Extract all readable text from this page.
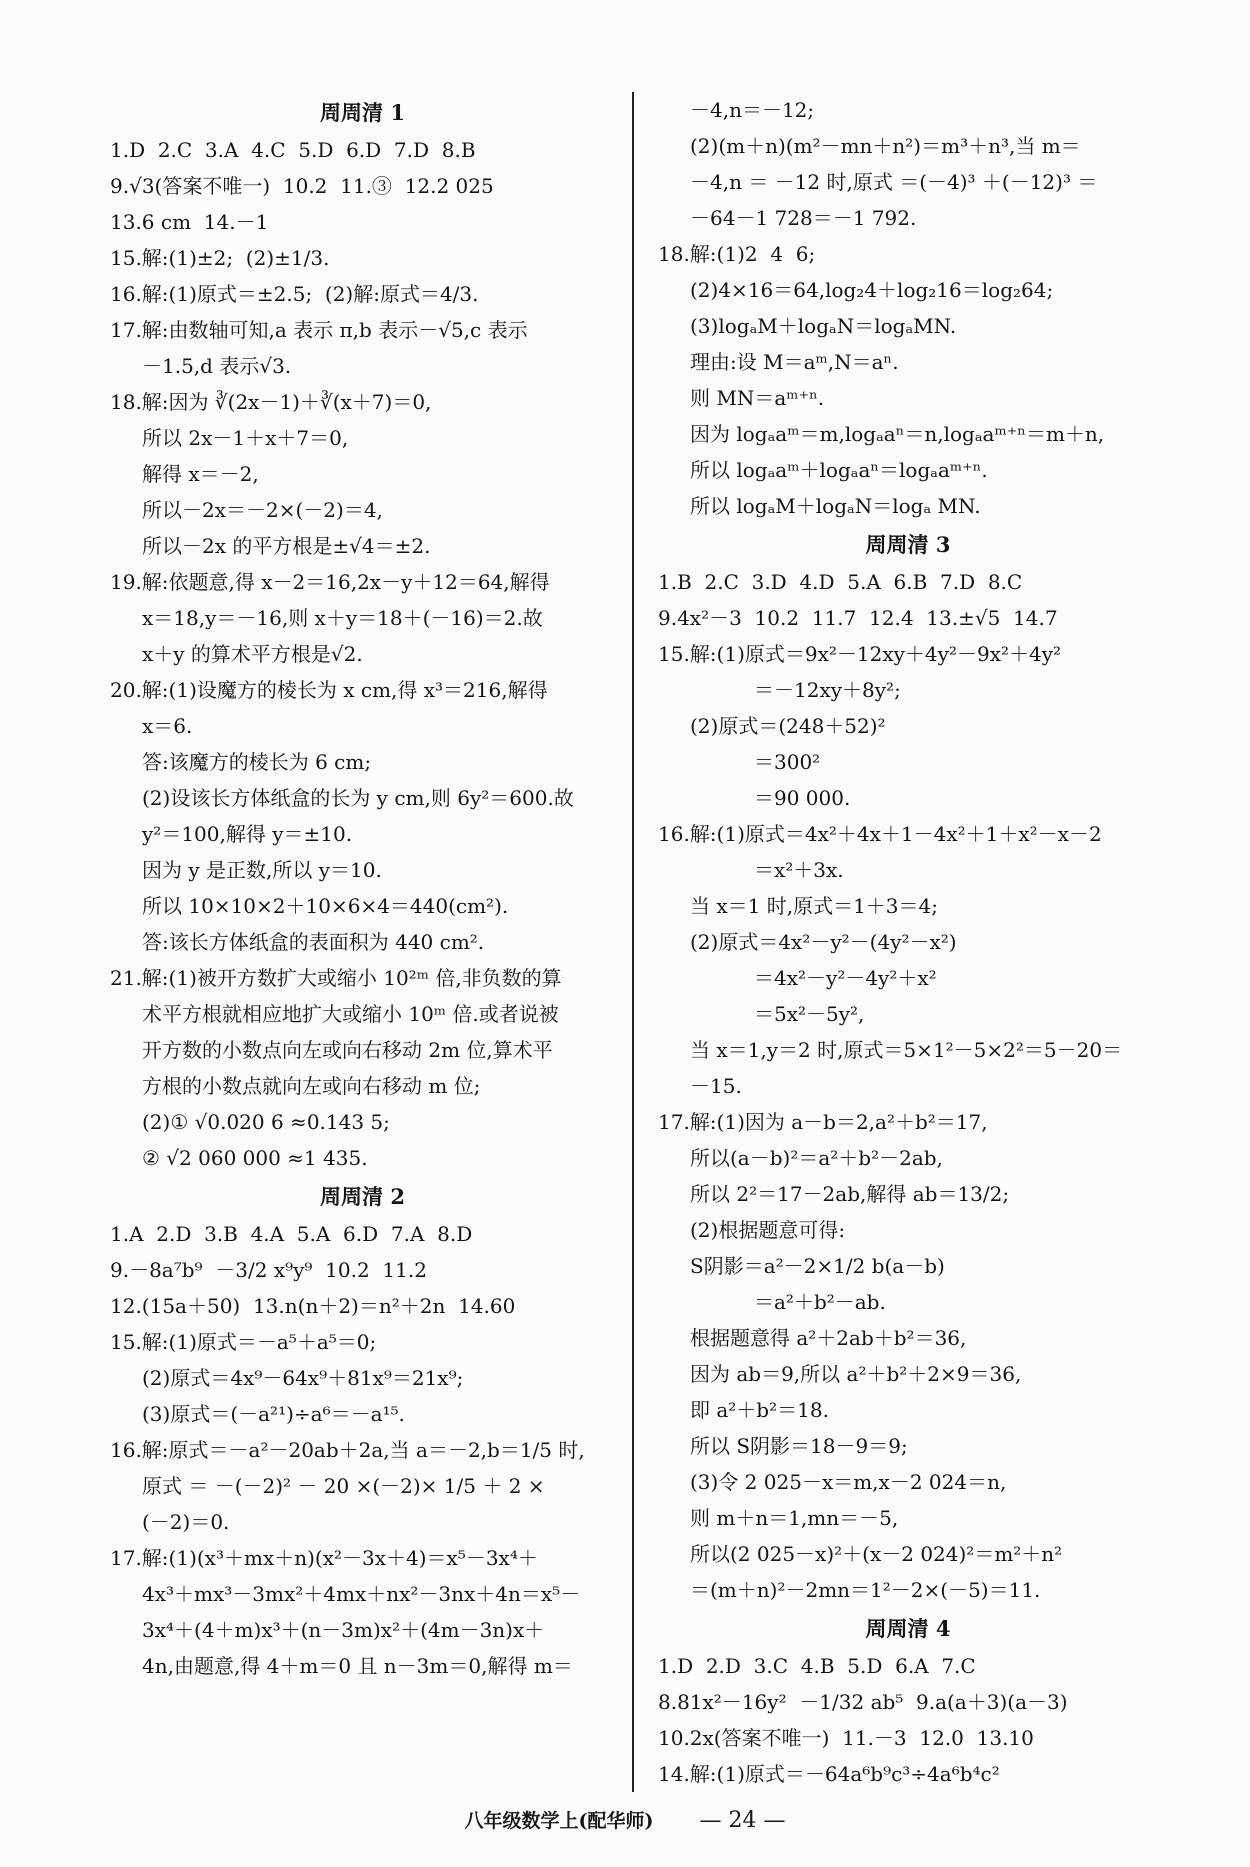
周周清 1
1.D  2.C  3.A  4.C  5.D  6.D  7.D  8.B
9.√3(答案不唯一)  10.2  11.③  12.2 025
13.6 cm  14.－1
15.解:(1)±2;  (2)±1/3.
16.解:(1)原式＝±2.5;  (2)解:原式＝4/3.
17.解:由数轴可知,a 表示 π,b 表示－√5,c 表示
－1.5,d 表示√3.
18.解:因为 ∛(2x－1)＋∛(x＋7)＝0,
所以 2x－1＋x＋7＝0,
解得 x＝－2,
所以－2x＝－2×(－2)＝4,
所以－2x 的平方根是±√4＝±2.
19.解:依题意,得 x－2＝16,2x－y＋12＝64,解得
x＝18,y＝－16,则 x＋y＝18＋(－16)＝2.故
x＋y 的算术平方根是√2.
20.解:(1)设魔方的棱长为 x cm,得 x³＝216,解得
x＝6.
答:该魔方的棱长为 6 cm;
(2)设该长方体纸盒的长为 y cm,则 6y²＝600.故
y²＝100,解得 y＝±10.
因为 y 是正数,所以 y＝10.
所以 10×10×2＋10×6×4＝440(cm²).
答:该长方体纸盒的表面积为 440 cm².
21.解:(1)被开方数扩大或缩小 10²ᵐ 倍,非负数的算
术平方根就相应地扩大或缩小 10ᵐ 倍.或者说被
开方数的小数点向左或向右移动 2m 位,算术平
方根的小数点就向左或向右移动 m 位;
(2)① √0.020 6 ≈0.143 5;
② √2 060 000 ≈1 435.
周周清 2
1.A  2.D  3.B  4.A  5.A  6.D  7.A  8.D
9.－8a⁷b⁹  －3/2 x⁹y⁹  10.2  11.2
12.(15a＋50)  13.n(n＋2)＝n²＋2n  14.60
15.解:(1)原式＝－a⁵＋a⁵＝0;
(2)原式＝4x⁹－64x⁹＋81x⁹＝21x⁹;
(3)原式＝(－a²¹)÷a⁶＝－a¹⁵.
16.解:原式＝－a²－20ab＋2a,当 a＝－2,b＝1/5 时,
原式 ＝ －(－2)² － 20 ×(－2)× 1/5 ＋ 2 ×
(－2)＝0.
17.解:(1)(x³＋mx＋n)(x²－3x＋4)＝x⁵－3x⁴＋
4x³＋mx³－3mx²＋4mx＋nx²－3nx＋4n＝x⁵－
3x⁴＋(4＋m)x³＋(n－3m)x²＋(4m－3n)x＋
4n,由题意,得 4＋m＝0 且 n－3m＝0,解得 m＝
－4,n＝－12;
(2)(m＋n)(m²－mn＋n²)＝m³＋n³,当 m＝
－4,n ＝ －12 时,原式 ＝(－4)³ ＋(－12)³ ＝
－64－1 728＝－1 792.
18.解:(1)2  4  6;
(2)4×16＝64,log₂4＋log₂16＝log₂64;
(3)logₐM＋logₐN＝logₐMN.
理由:设 M＝aᵐ,N＝aⁿ.
则 MN＝aᵐ⁺ⁿ.
因为 logₐaᵐ＝m,logₐaⁿ＝n,logₐaᵐ⁺ⁿ＝m＋n,
所以 logₐaᵐ＋logₐaⁿ＝logₐaᵐ⁺ⁿ.
所以 logₐM＋logₐN＝logₐ MN.
周周清 3
1.B  2.C  3.D  4.D  5.A  6.B  7.D  8.C
9.4x²－3  10.2  11.7  12.4  13.±√5  14.7
15.解:(1)原式＝9x²－12xy＋4y²－9x²＋4y²
＝－12xy＋8y²;
(2)原式＝(248＋52)²
＝300²
＝90 000.
16.解:(1)原式＝4x²＋4x＋1－4x²＋1＋x²－x－2
＝x²＋3x.
当 x＝1 时,原式＝1＋3＝4;
(2)原式＝4x²－y²－(4y²－x²)
＝4x²－y²－4y²＋x²
＝5x²－5y²,
当 x＝1,y＝2 时,原式＝5×1²－5×2²＝5－20＝
－15.
17.解:(1)因为 a－b＝2,a²＋b²＝17,
所以(a－b)²＝a²＋b²－2ab,
所以 2²＝17－2ab,解得 ab＝13/2;
(2)根据题意可得:
S阴影＝a²－2×1/2 b(a－b)
＝a²＋b²－ab.
根据题意得 a²＋2ab＋b²＝36,
因为 ab＝9,所以 a²＋b²＋2×9＝36,
即 a²＋b²＝18.
所以 S阴影＝18－9＝9;
(3)令 2 025－x＝m,x－2 024＝n,
则 m＋n＝1,mn＝－5,
所以(2 025－x)²＋(x－2 024)²＝m²＋n²
＝(m＋n)²－2mn＝1²－2×(－5)＝11.
周周清 4
1.D  2.D  3.C  4.B  5.D  6.A  7.C
8.81x²－16y²  －1/32 ab⁵  9.a(a＋3)(a－3)
10.2x(答案不唯一)  11.－3  12.0  13.10
14.解:(1)原式＝－64a⁶b⁹c³÷4a⁶b⁴c²
八年级数学上(配华师) — 24 —
